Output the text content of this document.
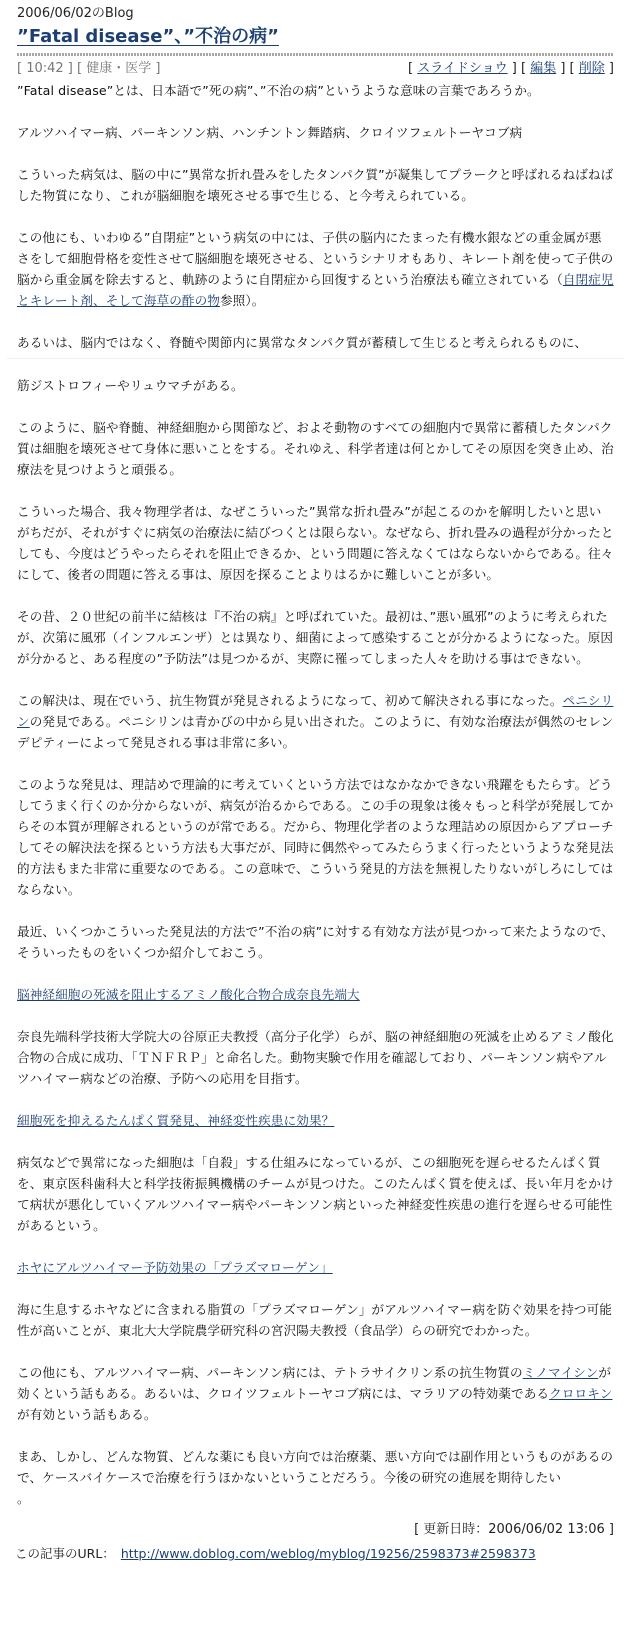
2006/06/02のBlog
”Fatal disease”、”不治の病”
[ 10:42 ] [ 健康・医学 ]	[ スライドショウ ] [ 編集 ] [ 削除 ]

”Fatal disease”とは、日本語で”死の病”、”不治の病”というような意味の言葉であろうか。

アルツハイマー病、パーキンソン病、ハンチントン舞踏病、クロイツフェルトーヤコブ病

こういった病気は、脳の中に”異常な折れ畳みをしたタンパク質”が凝集してプラークと呼ばれるねばねばした物質になり、これが脳細胞を壊死させる事で生じる、と今考えられている。

この他にも、いわゆる”自閉症”という病気の中には、子供の脳内にたまった有機水銀などの重金属が悪さをして細胞骨格を変性させて脳細胞を壊死させる、というシナリオもあり、キレート剤を使って子供の脳から重金属を除去すると、軌跡のように自閉症から回復するという治療法も確立されている（自閉症児とキレート剤、そして海草の酢の物参照）。

あるいは、脳内ではなく、脊髄や関節内に異常なタンパク質が蓄積して生じると考えられるものに、

筋ジストロフィーやリュウマチがある。

このように、脳や脊髄、神経細胞から関節など、およそ動物のすべての細胞内で異常に蓄積したタンパク質は細胞を壊死させて身体に悪いことをする。それゆえ、科学者達は何とかしてその原因を突き止め、治療法を見つけようと頑張る。

こういった場合、我々物理学者は、なぜこういった”異常な折れ畳み”が起こるのかを解明したいと思いがちだが、それがすぐに病気の治療法に結びつくとは限らない。なぜなら、折れ畳みの過程が分かったとしても、今度はどうやったらそれを阻止できるか、という問題に答えなくてはならないからである。往々にして、後者の問題に答える事は、原因を探ることよりはるかに難しいことが多い。

その昔、２０世紀の前半に結核は『不治の病』と呼ばれていた。最初は、”悪い風邪”のように考えられたが、次第に風邪（インフルエンザ）とは異なり、細菌によって感染することが分かるようになった。原因が分かると、ある程度の”予防法”は見つかるが、実際に罹ってしまった人々を助ける事はできない。

この解決は、現在でいう、抗生物質が発見されるようになって、初めて解決される事になった。ペニシリンの発見である。ペニシリンは青かびの中から見い出された。このように、有効な治療法が偶然のセレンデピティーによって発見される事は非常に多い。

このような発見は、理詰めで理論的に考えていくという方法ではなかなかできない飛躍をもたらす。どうしてうまく行くのか分からないが、病気が治るからである。この手の現象は後々もっと科学が発展してからその本質が理解されるというのが常である。だから、物理化学者のような理詰めの原因からアプローチしてその解決法を探るという方法も大事だが、同時に偶然やってみたらうまく行ったというような発見法的方法もまた非常に重要なのである。この意味で、こういう発見的方法を無視したりないがしろにしてはならない。

最近、いくつかこういった発見法的方法で”不治の病”に対する有効な方法が見つかって来たようなので、そういったものをいくつか紹介しておこう。

脳神経細胞の死滅を阻止するアミノ酸化合物合成奈良先端大

奈良先端科学技術大学院大の谷原正夫教授（高分子化学）らが、脳の神経細胞の死滅を止めるアミノ酸化合物の合成に成功、「ＴＮＦＲＰ」と命名した。動物実験で作用を確認しており、パーキンソン病やアルツハイマー病などの治療、予防への応用を目指す。

細胞死を抑えるたんぱく質発見、神経変性疾患に効果？

病気などで異常になった細胞は「自殺」する仕組みになっているが、この細胞死を遅らせるたんぱく質を、東京医科歯科大と科学技術振興機構のチームが見つけた。このたんぱく質を使えば、長い年月をかけて病状が悪化していくアルツハイマー病やパーキンソン病といった神経変性疾患の進行を遅らせる可能性があるという。

ホヤにアルツハイマー予防効果の「プラズマローゲン」

海に生息するホヤなどに含まれる脂質の「プラズマローゲン」がアルツハイマー病を防ぐ効果を持つ可能性が高いことが、東北大大学院農学研究科の宮沢陽夫教授（食品学）らの研究でわかった。

この他にも、アルツハイマー病、パーキンソン病には、テトラサイクリン系の抗生物質のミノマイシンが効くという話もある。あるいは、クロイツフェルトーヤコブ病には、マラリアの特効薬であるクロロキンが有効という話もある。

まあ、しかし、どんな物質、どんな薬にも良い方向では治療薬、悪い方向では副作用というものがあるので、ケースバイケースで治療を行うほかないということだろう。今後の研究の進展を期待したい
。

[ 更新日時：2006/06/02 13:06 ]
この記事のURL： http://www.doblog.com/weblog/myblog/19256/2598373#2598373
